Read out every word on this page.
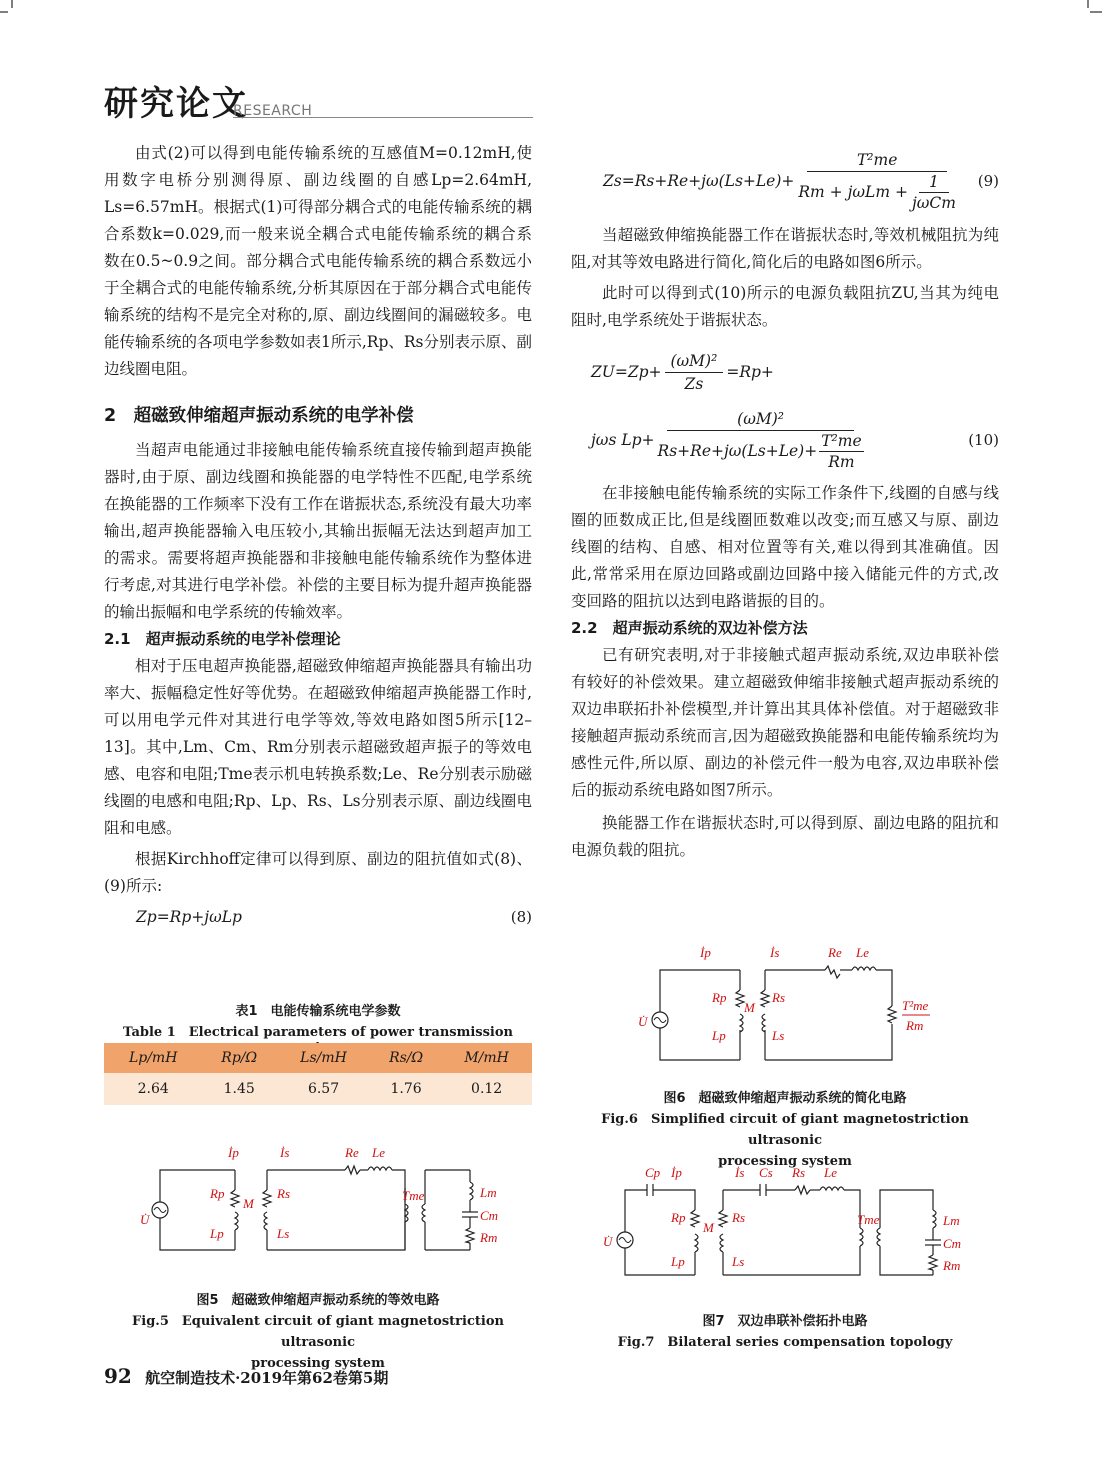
研究论文
RESEARCH

由式(2)可以得到电能传输系统的互感值M=0.12mH,使用数字电桥分别测得原、副边线圈的自感Lp=2.64mH, Ls=6.57mH。根据式(1)可得部分耦合式的电能传输系统的耦合系数k=0.029,而一般来说全耦合式电能传输系统的耦合系数在0.5~0.9之间。部分耦合式电能传输系统的耦合系数远小于全耦合式的电能传输系统,分析其原因在于部分耦合式电能传输系统的结构不是完全对称的,原、副边线圈间的漏磁较多。电能传输系统的各项电学参数如表1所示,Rp、Rs分别表示原、副边线圈电阻。

2　超磁致伸缩超声振动系统的电学补偿

当超声电能通过非接触电能传输系统直接传输到超声换能器时,由于原、副边线圈和换能器的电学特性不匹配,电学系统在换能器的工作频率下没有工作在谐振状态,系统没有最大功率输出,超声换能器输入电压较小,其输出振幅无法达到超声加工的需求。需要将超声换能器和非接触电能传输系统作为整体进行考虑,对其进行电学补偿。补偿的主要目标为提升超声换能器的输出振幅和电学系统的传输效率。

2.1　超声振动系统的电学补偿理论

相对于压电超声换能器,超磁致伸缩超声换能器具有输出功率大、振幅稳定性好等优势。在超磁致伸缩超声换能器工作时,可以用电学元件对其进行电学等效,等效电路如图5所示[12–13]。其中,Lm、Cm、Rm分别表示超磁致超声振子的等效电感、电容和电阻;Tme表示机电转换系数;Le、Re分别表示励磁线圈的电感和电阻;Rp、Lp、Rs、Ls分别表示原、副边线圈电阻和电感。

根据Kirchhoff定律可以得到原、副边的阻抗值如式(8)、(9)所示:

Zp=Rp+jωLp	(8)
表1　电能传输系统电学参数
Table 1　Electrical parameters of power transmission
Lp/mH	Rp/Ω	Ls/mH	Rs/Ω	M/mH
2.64	1.45	6.57	1.76	0.12
İp	İs	Re Le
Rp	Rs
M
U̇
Lp	Ls
Tme	Lm
Cm
Rm
图5　超磁致伸缩超声振动系统的等效电路
Fig.5　Equivalent circuit of giant magnetostriction ultrasonic
processing system
Zs=Rs+Re+jω(Ls+Le)+
T²me
Rm + jωLm +
1
jωCm
(9)

当超磁致伸缩换能器工作在谐振状态时,等效机械阻抗为纯阻,对其等效电路进行简化,简化后的电路如图6所示。

此时可以得到式(10)所示的电源负载阻抗ZU,当其为纯电阻时,电学系统处于谐振状态。

$ZU=Zp+ \frac{\text{(ωM)²}}{Zs} =Rp+$
jωs $Lp+ \frac{\text{(ωM)²}}{Rs+Re+j\omega(Ls+Le)+ \frac{\text{T²me}}{Rm}}$	(10)

在非接触电能传输系统的实际工作条件下,线圈的自感与线圈的匝数成正比,但是线圈匝数难以改变;而互感又与原、副边线圈的结构、自感、相对位置等有关,难以得到其准确值。因此,常常采用在原边回路或副边回路中接入储能元件的方式,改变回路的阻抗以达到电路谐振的目的。

2.2　超声振动系统的双边补偿方法

已有研究表明,对于非接触式超声振动系统,双边串联补偿有较好的补偿效果。建立超磁致伸缩非接触式超声振动系统的双边串联拓扑补偿模型,并计算出其具体补偿值。对于超磁致非接触超声振动系统而言,因为超磁致换能器和电能传输系统均为感性元件,所以原、副边的补偿元件一般为电容,双边串联补偿后的振动系统电路如图7所示。

换能器工作在谐振状态时,可以得到原、副边电路的阻抗和电源负载的阻抗。

İp	İs	Re Le
Rp	Rs
M
U̇
Lp	Ls
T²me
Rm
图6　超磁致伸缩超声振动系统的简化电路
Fig.6　Simplified circuit of giant magnetostriction ultrasonic
processing system
Cp İp	İs Cs Rs Le
Rp	Rs
M
U̇
Lp	Ls
Tme	Lm
Cm
Rm
图7　双边串联补偿拓扑电路
Fig.7　Bilateral series compensation topology
92 航空制造技术·2019年第62卷第5期
